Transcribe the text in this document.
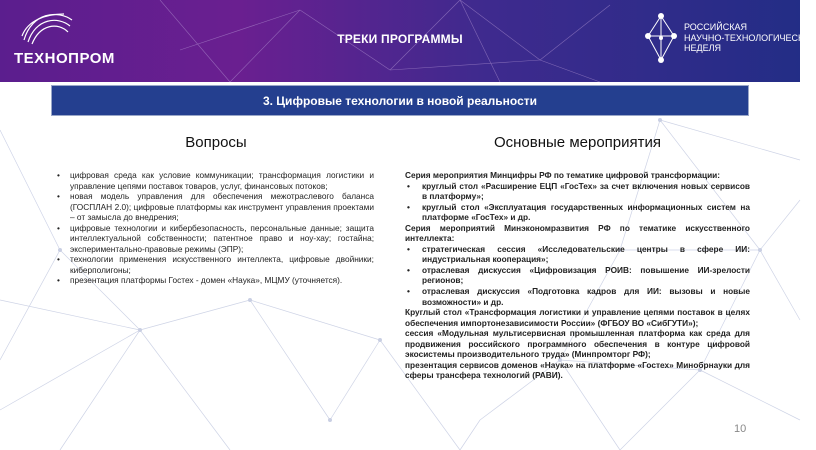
ТЕХНОПРОМ
ТРЕКИ ПРОГРАММЫ
РОССИЙСКАЯ
НАУЧНО-ТЕХНОЛОГИЧЕСКАЯ
НЕДЕЛЯ
3. Цифровые технологии в новой реальности
Вопросы	Основные мероприятия
• цифровая среда как условие коммуникации; трансформация логистики и управление цепями поставок товаров, услуг, финансовых потоков;
• новая модель управления для обеспечения межотраслевого баланса (ГОСПЛАН 2.0); цифровые платформы как инструмент управления проектами – от замысла до внедрения;
• цифровые технологии и кибербезопасность, персональные данные; защита интеллектуальной собственности; патентное право и ноу-хау; гостайна; экспериментально-правовые режимы (ЭПР);
• технологии применения искусственного интеллекта, цифровые двойники; киберполигоны;
• презентация платформы Гостех - домен «Наука», МЦМУ (уточняется).
Серия мероприятия Минцифры РФ по тематике цифровой трансформации:
• круглый стол «Расширение ЕЦП «ГосТех» за счет включения новых сервисов в платформу»;
• круглый стол «Эксплуатация государственных информационных систем на платформе «ГосТех» и др.
Серия мероприятий Минэкономразвития РФ по тематике искусственного интеллекта:
• стратегическая сессия «Исследовательские центры в сфере ИИ: индустриальная кооперация»;
• отраслевая дискуссия «Цифровизация РОИВ: повышение ИИ-зрелости регионов;
• отраслевая дискуссия «Подготовка кадров для ИИ: вызовы и новые возможности» и др.
Круглый стол «Трансформация логистики и управление цепями поставок в целях обеспечения импортонезависимости России» (ФГБОУ ВО «СибГУТИ»);
сессия «Модульная мультисервисная промышленная платформа как среда для продвижения российского программного обеспечения в контуре цифровой экосистемы производительного труда» (Минпромторг РФ);
презентация сервисов доменов «Наука» на платформе «Гостех» Минобрнауки для сферы трансфера технологий (РАВИ).
10
